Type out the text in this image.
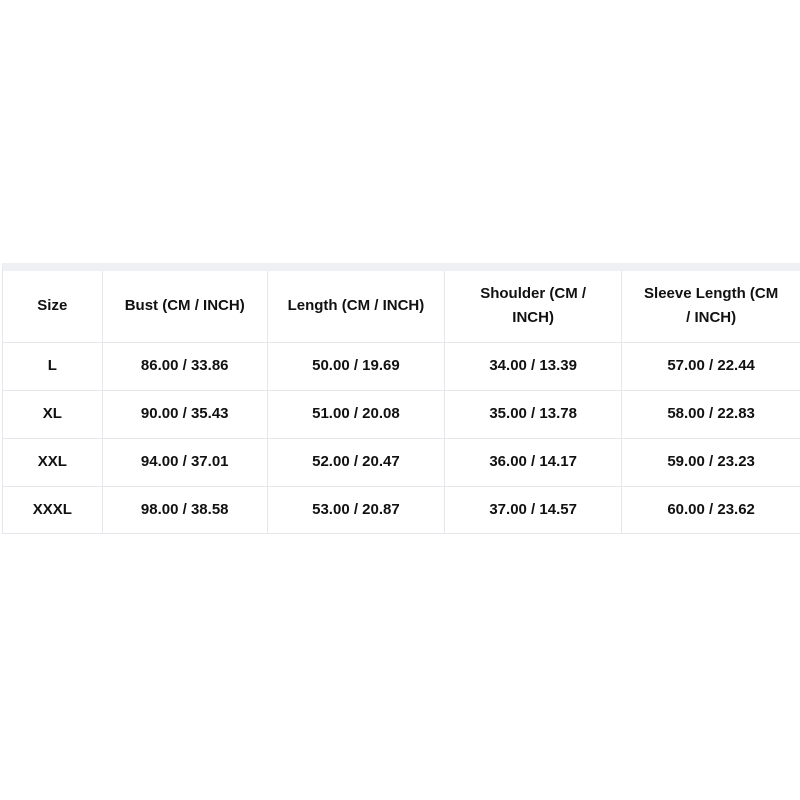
Size	Bust (CM / INCH)	Length (CM / INCH)	Shoulder (CM / INCH)	Sleeve Length (CM / INCH)
L	86.00 / 33.86	50.00 / 19.69	34.00 / 13.39	57.00 / 22.44
XL	90.00 / 35.43	51.00 / 20.08	35.00 / 13.78	58.00 / 22.83
XXL	94.00 / 37.01	52.00 / 20.47	36.00 / 14.17	59.00 / 23.23
XXXL	98.00 / 38.58	53.00 / 20.87	37.00 / 14.57	60.00 / 23.62
